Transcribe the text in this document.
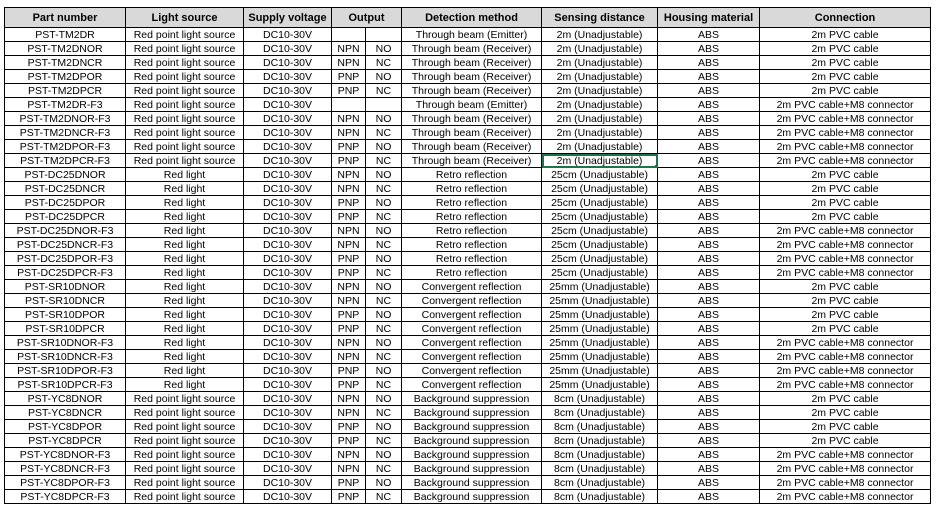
Part number	Light source	Supply voltage	Output		Detection method	Sensing distance	Housing material	Connection
PST-TM2DR	Red point light source	DC10-30V			Through beam (Emitter)	2m (Unadjustable)	ABS	2m PVC cable
PST-TM2DNOR	Red point light source	DC10-30V	NPN	NO	Through beam (Receiver)	2m (Unadjustable)	ABS	2m PVC cable
PST-TM2DNCR	Red point light source	DC10-30V	NPN	NC	Through beam (Receiver)	2m (Unadjustable)	ABS	2m PVC cable
PST-TM2DPOR	Red point light source	DC10-30V	PNP	NO	Through beam (Receiver)	2m (Unadjustable)	ABS	2m PVC cable
PST-TM2DPCR	Red point light source	DC10-30V	PNP	NC	Through beam (Receiver)	2m (Unadjustable)	ABS	2m PVC cable
PST-TM2DR-F3	Red point light source	DC10-30V			Through beam (Emitter)	2m (Unadjustable)	ABS	2m PVC cable+M8 connector
PST-TM2DNOR-F3	Red point light source	DC10-30V	NPN	NO	Through beam (Receiver)	2m (Unadjustable)	ABS	2m PVC cable+M8 connector
PST-TM2DNCR-F3	Red point light source	DC10-30V	NPN	NC	Through beam (Receiver)	2m (Unadjustable)	ABS	2m PVC cable+M8 connector
PST-TM2DPOR-F3	Red point light source	DC10-30V	PNP	NO	Through beam (Receiver)	2m (Unadjustable)	ABS	2m PVC cable+M8 connector
PST-TM2DPCR-F3	Red point light source	DC10-30V	PNP	NC	Through beam (Receiver)	2m (Unadjustable)	ABS	2m PVC cable+M8 connector
PST-DC25DNOR	Red light	DC10-30V	NPN	NO	Retro reflection	25cm (Unadjustable)	ABS	2m PVC cable
PST-DC25DNCR	Red light	DC10-30V	NPN	NC	Retro reflection	25cm (Unadjustable)	ABS	2m PVC cable
PST-DC25DPOR	Red light	DC10-30V	PNP	NO	Retro reflection	25cm (Unadjustable)	ABS	2m PVC cable
PST-DC25DPCR	Red light	DC10-30V	PNP	NC	Retro reflection	25cm (Unadjustable)	ABS	2m PVC cable
PST-DC25DNOR-F3	Red light	DC10-30V	NPN	NO	Retro reflection	25cm (Unadjustable)	ABS	2m PVC cable+M8 connector
PST-DC25DNCR-F3	Red light	DC10-30V	NPN	NC	Retro reflection	25cm (Unadjustable)	ABS	2m PVC cable+M8 connector
PST-DC25DPOR-F3	Red light	DC10-30V	PNP	NO	Retro reflection	25cm (Unadjustable)	ABS	2m PVC cable+M8 connector
PST-DC25DPCR-F3	Red light	DC10-30V	PNP	NC	Retro reflection	25cm (Unadjustable)	ABS	2m PVC cable+M8 connector
PST-SR10DNOR	Red light	DC10-30V	NPN	NO	Convergent reflection	25mm (Unadjustable)	ABS	2m PVC cable
PST-SR10DNCR	Red light	DC10-30V	NPN	NC	Convergent reflection	25mm (Unadjustable)	ABS	2m PVC cable
PST-SR10DPOR	Red light	DC10-30V	PNP	NO	Convergent reflection	25mm (Unadjustable)	ABS	2m PVC cable
PST-SR10DPCR	Red light	DC10-30V	PNP	NC	Convergent reflection	25mm (Unadjustable)	ABS	2m PVC cable
PST-SR10DNOR-F3	Red light	DC10-30V	NPN	NO	Convergent reflection	25mm (Unadjustable)	ABS	2m PVC cable+M8 connector
PST-SR10DNCR-F3	Red light	DC10-30V	NPN	NC	Convergent reflection	25mm (Unadjustable)	ABS	2m PVC cable+M8 connector
PST-SR10DPOR-F3	Red light	DC10-30V	PNP	NO	Convergent reflection	25mm (Unadjustable)	ABS	2m PVC cable+M8 connector
PST-SR10DPCR-F3	Red light	DC10-30V	PNP	NC	Convergent reflection	25mm (Unadjustable)	ABS	2m PVC cable+M8 connector
PST-YC8DNOR	Red point light source	DC10-30V	NPN	NO	Background suppression	8cm (Unadjustable)	ABS	2m PVC cable
PST-YC8DNCR	Red point light source	DC10-30V	NPN	NC	Background suppression	8cm (Unadjustable)	ABS	2m PVC cable
PST-YC8DPOR	Red point light source	DC10-30V	PNP	NO	Background suppression	8cm (Unadjustable)	ABS	2m PVC cable
PST-YC8DPCR	Red point light source	DC10-30V	PNP	NC	Background suppression	8cm (Unadjustable)	ABS	2m PVC cable
PST-YC8DNOR-F3	Red point light source	DC10-30V	NPN	NO	Background suppression	8cm (Unadjustable)	ABS	2m PVC cable+M8 connector
PST-YC8DNCR-F3	Red point light source	DC10-30V	NPN	NC	Background suppression	8cm (Unadjustable)	ABS	2m PVC cable+M8 connector
PST-YC8DPOR-F3	Red point light source	DC10-30V	PNP	NO	Background suppression	8cm (Unadjustable)	ABS	2m PVC cable+M8 connector
PST-YC8DPCR-F3	Red point light source	DC10-30V	PNP	NC	Background suppression	8cm (Unadjustable)	ABS	2m PVC cable+M8 connector
